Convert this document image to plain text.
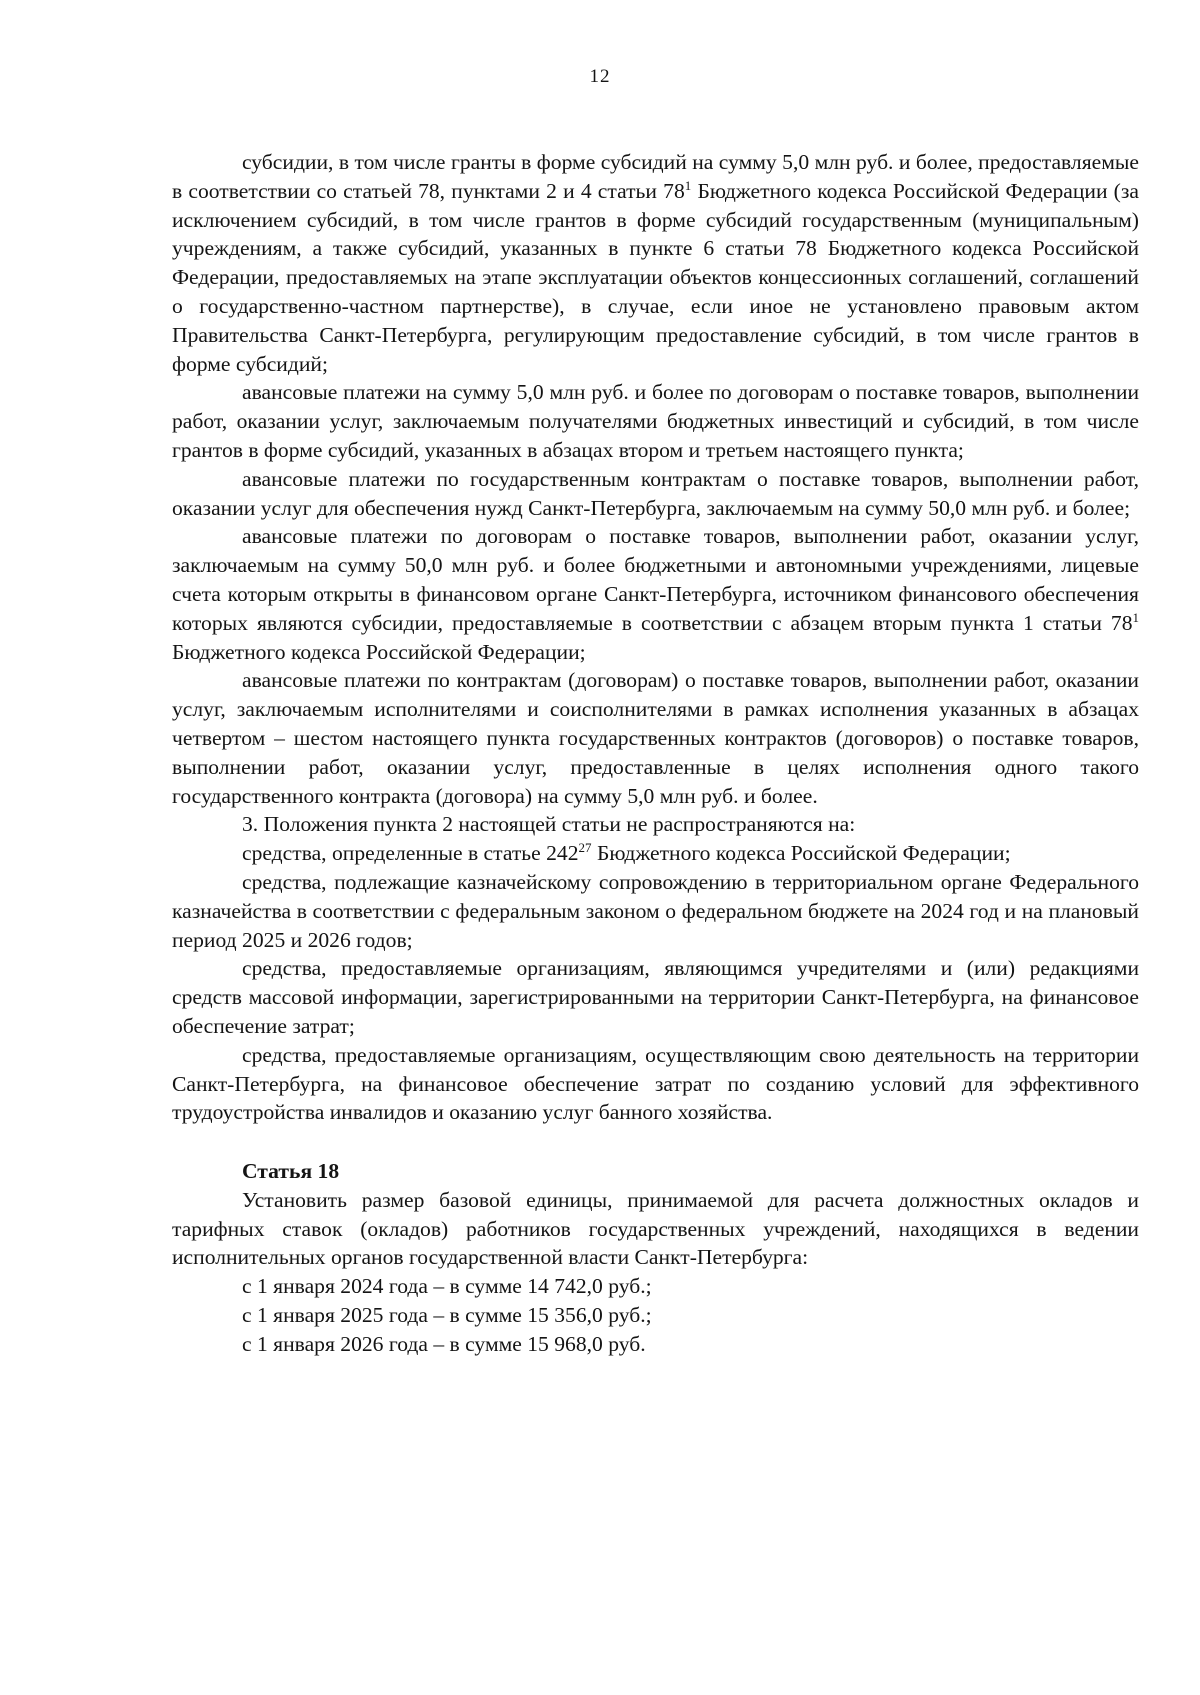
12

субсидии, в том числе гранты в форме субсидий на сумму 5,0 млн руб. и более, предоставляемые в соответствии со статьей 78, пунктами 2 и 4 статьи $78^1$ Бюджетного кодекса Российской Федерации (за исключением субсидий, в том числе грантов в форме субсидий государственным (муниципальным) учреждениям, а также субсидий, указанных в пункте 6 статьи 78 Бюджетного кодекса Российской Федерации, предоставляемых на этапе эксплуатации объектов концессионных соглашений, соглашений о государственно-частном партнерстве), в случае, если иное не установлено правовым актом Правительства Санкт-Петербурга, регулирующим предоставление субсидий, в том числе грантов в форме субсидий;

авансовые платежи на сумму 5,0 млн руб. и более по договорам о поставке товаров, выполнении работ, оказании услуг, заключаемым получателями бюджетных инвестиций и субсидий, в том числе грантов в форме субсидий, указанных в абзацах втором и третьем настоящего пункта;

авансовые платежи по государственным контрактам о поставке товаров, выполнении работ, оказании услуг для обеспечения нужд Санкт-Петербурга, заключаемым на сумму 50,0 млн руб. и более;

авансовые платежи по договорам о поставке товаров, выполнении работ, оказании услуг, заключаемым на сумму 50,0 млн руб. и более бюджетными и автономными учреждениями, лицевые счета которым открыты в финансовом органе Санкт-Петербурга, источником финансового обеспечения которых являются субсидии, предоставляемые в соответствии с абзацем вторым пункта 1 статьи $78^1$ Бюджетного кодекса Российской Федерации;

авансовые платежи по контрактам (договорам) о поставке товаров, выполнении работ, оказании услуг, заключаемым исполнителями и соисполнителями в рамках исполнения указанных в абзацах четвертом – шестом настоящего пункта государственных контрактов (договоров) о поставке товаров, выполнении работ, оказании услуг, предоставленные в целях исполнения одного такого государственного контракта (договора) на сумму 5,0 млн руб. и более.

3. Положения пункта 2 настоящей статьи не распространяются на:

средства, определенные в статье $242^{27}$ Бюджетного кодекса Российской Федерации;

средства, подлежащие казначейскому сопровождению в территориальном органе Федерального казначейства в соответствии с федеральным законом о федеральном бюджете на 2024 год и на плановый период 2025 и 2026 годов;

средства, предоставляемые организациям, являющимся учредителями и (или) редакциями средств массовой информации, зарегистрированными на территории Санкт-Петербурга, на финансовое обеспечение затрат;

средства, предоставляемые организациям, осуществляющим свою деятельность на территории Санкт-Петербурга, на финансовое обеспечение затрат по созданию условий для эффективного трудоустройства инвалидов и оказанию услуг банного хозяйства.

Статья 18

Установить размер базовой единицы, принимаемой для расчета должностных окладов и тарифных ставок (окладов) работников государственных учреждений, находящихся в ведении исполнительных органов государственной власти Санкт-Петербурга:

с 1 января 2024 года – в сумме 14 742,0 руб.;

с 1 января 2025 года – в сумме 15 356,0 руб.;

с 1 января 2026 года – в сумме 15 968,0 руб.
